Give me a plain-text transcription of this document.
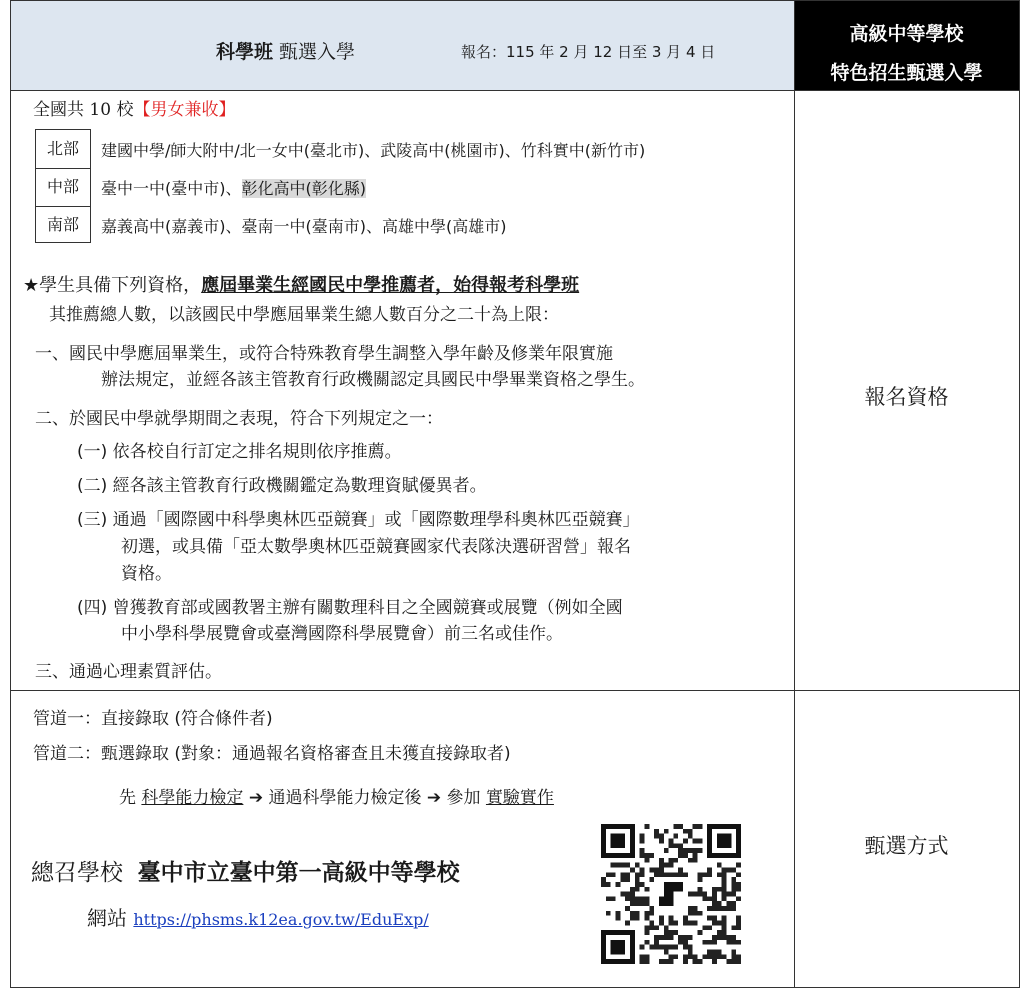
科學班 甄選入學	報名：115 年 2 月 12 日至 3 月 4 日
高級中等學校
特色招生甄選入學
全國共 10 校【男女兼收】
北部
中部
南部
建國中學/師大附中/北一女中(臺北市)、武陵高中(桃園市)、竹科實中(新竹市)
臺中一中(臺中市)、彰化高中(彰化縣)
嘉義高中(嘉義市)、臺南一中(臺南市)、高雄中學(高雄市)
★學生具備下列資格，應屆畢業生經國民中學推薦者，始得報考科學班
其推薦總人數，以該國民中學應屆畢業生總人數百分之二十為上限：
一、國民中學應屆畢業生，或符合特殊教育學生調整入學年齡及修業年限實施
辦法規定，並經各該主管教育行政機關認定具國民中學畢業資格之學生。
二、於國民中學就學期間之表現，符合下列規定之一：
(一) 依各校自行訂定之排名規則依序推薦。
(二) 經各該主管教育行政機關鑑定為數理資賦優異者。
(三) 通過「國際國中科學奧林匹亞競賽」或「國際數理學科奧林匹亞競賽」
初選，或具備「亞太數學奧林匹亞競賽國家代表隊決選研習營」報名
資格。
(四) 曾獲教育部或國教署主辦有關數理科目之全國競賽或展覽（例如全國
中小學科學展覽會或臺灣國際科學展覽會）前三名或佳作。
三、通過心理素質評估。
報名資格
管道一：直接錄取 (符合條件者)
管道二：甄選錄取 (對象：通過報名資格審查且未獲直接錄取者)
先 科學能力檢定 ➔ 通過科學能力檢定後 ➔ 參加 實驗實作
總召學校 臺中市立臺中第一高級中等學校
網站 https://phsms.k12ea.gov.tw/EduExp/
甄選方式
